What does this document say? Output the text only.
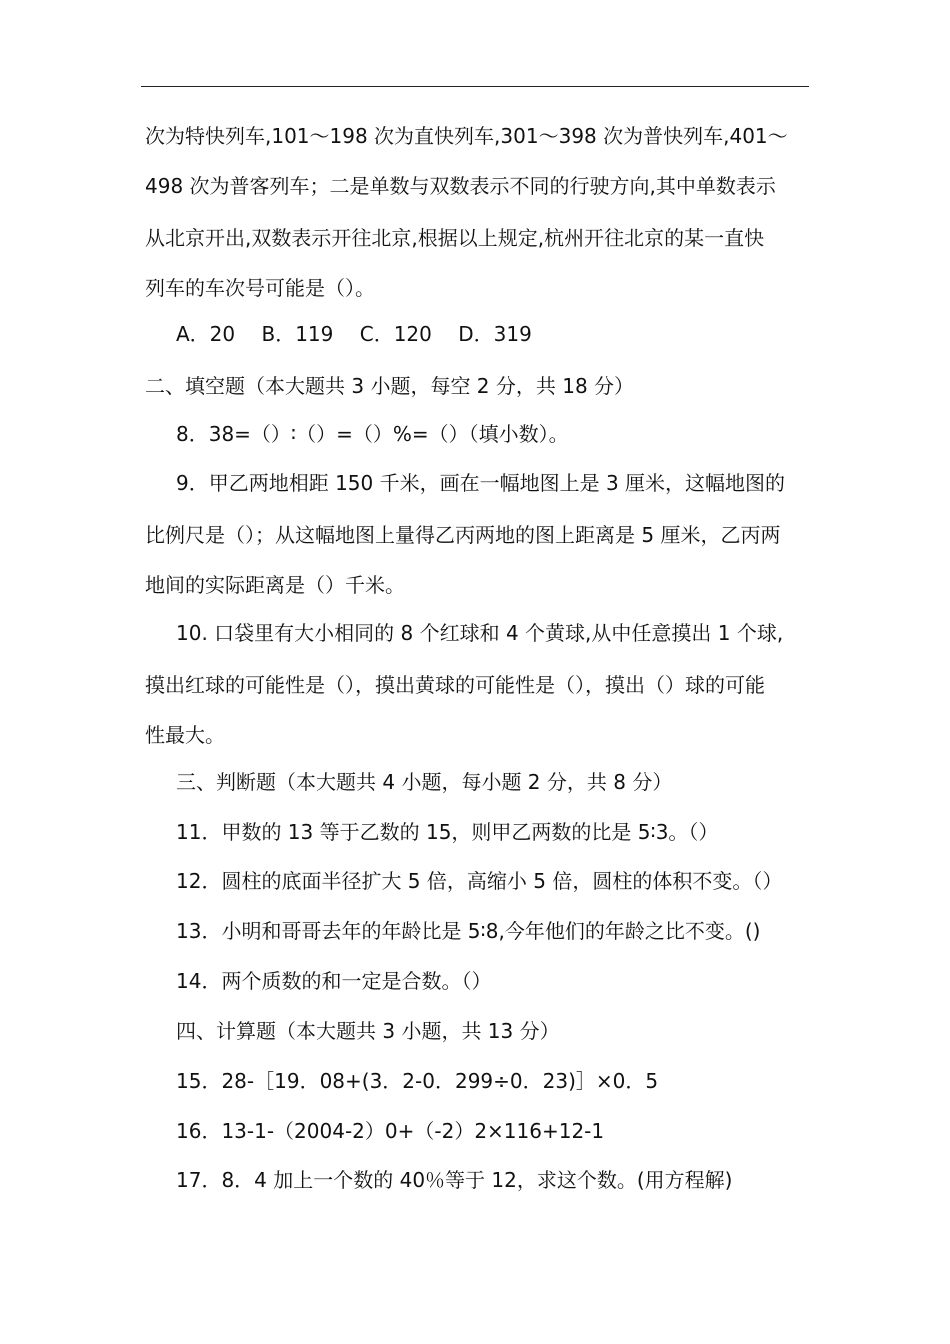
次为特快列车,101～198 次为直快列车,301～398 次为普快列车,401～
498 次为普客列车；二是单数与双数表示不同的行驶方向,其中单数表示
从北京开出,双数表示开往北京,根据以上规定,杭州开往北京的某一直快
列车的车次号可能是（）。
A．20　 B．119　 C．120　 D．319
二、填空题（本大题共 3 小题，每空 2 分，共 18 分）
8．38=（）∶（）=（）%=（）（填小数）。
9．甲乙两地相距 150 千米，画在一幅地图上是 3 厘米，这幅地图的
比例尺是（）；从这幅地图上量得乙丙两地的图上距离是 5 厘米，乙丙两
地间的实际距离是（）千米。
10. 口袋里有大小相同的 8 个红球和 4 个黄球,从中任意摸出 1 个球,
摸出红球的可能性是（），摸出黄球的可能性是（），摸出（）球的可能
性最大。
三、判断题（本大题共 4 小题，每小题 2 分，共 8 分）
11．甲数的 13 等于乙数的 15，则甲乙两数的比是 5∶3。（）
12．圆柱的底面半径扩大 5 倍，高缩小 5 倍，圆柱的体积不变。（）
13．小明和哥哥去年的年龄比是 5∶8,今年他们的年龄之比不变。()
14．两个质数的和一定是合数。（）
四、计算题（本大题共 3 小题，共 13 分）
15．28-［19．08+(3．2-0．299÷0．23)］×0．5
16．13-1-（2004-2）0+（-2）2×116+12-1
17．8．4 加上一个数的 40％等于 12，求这个数。(用方程解)
